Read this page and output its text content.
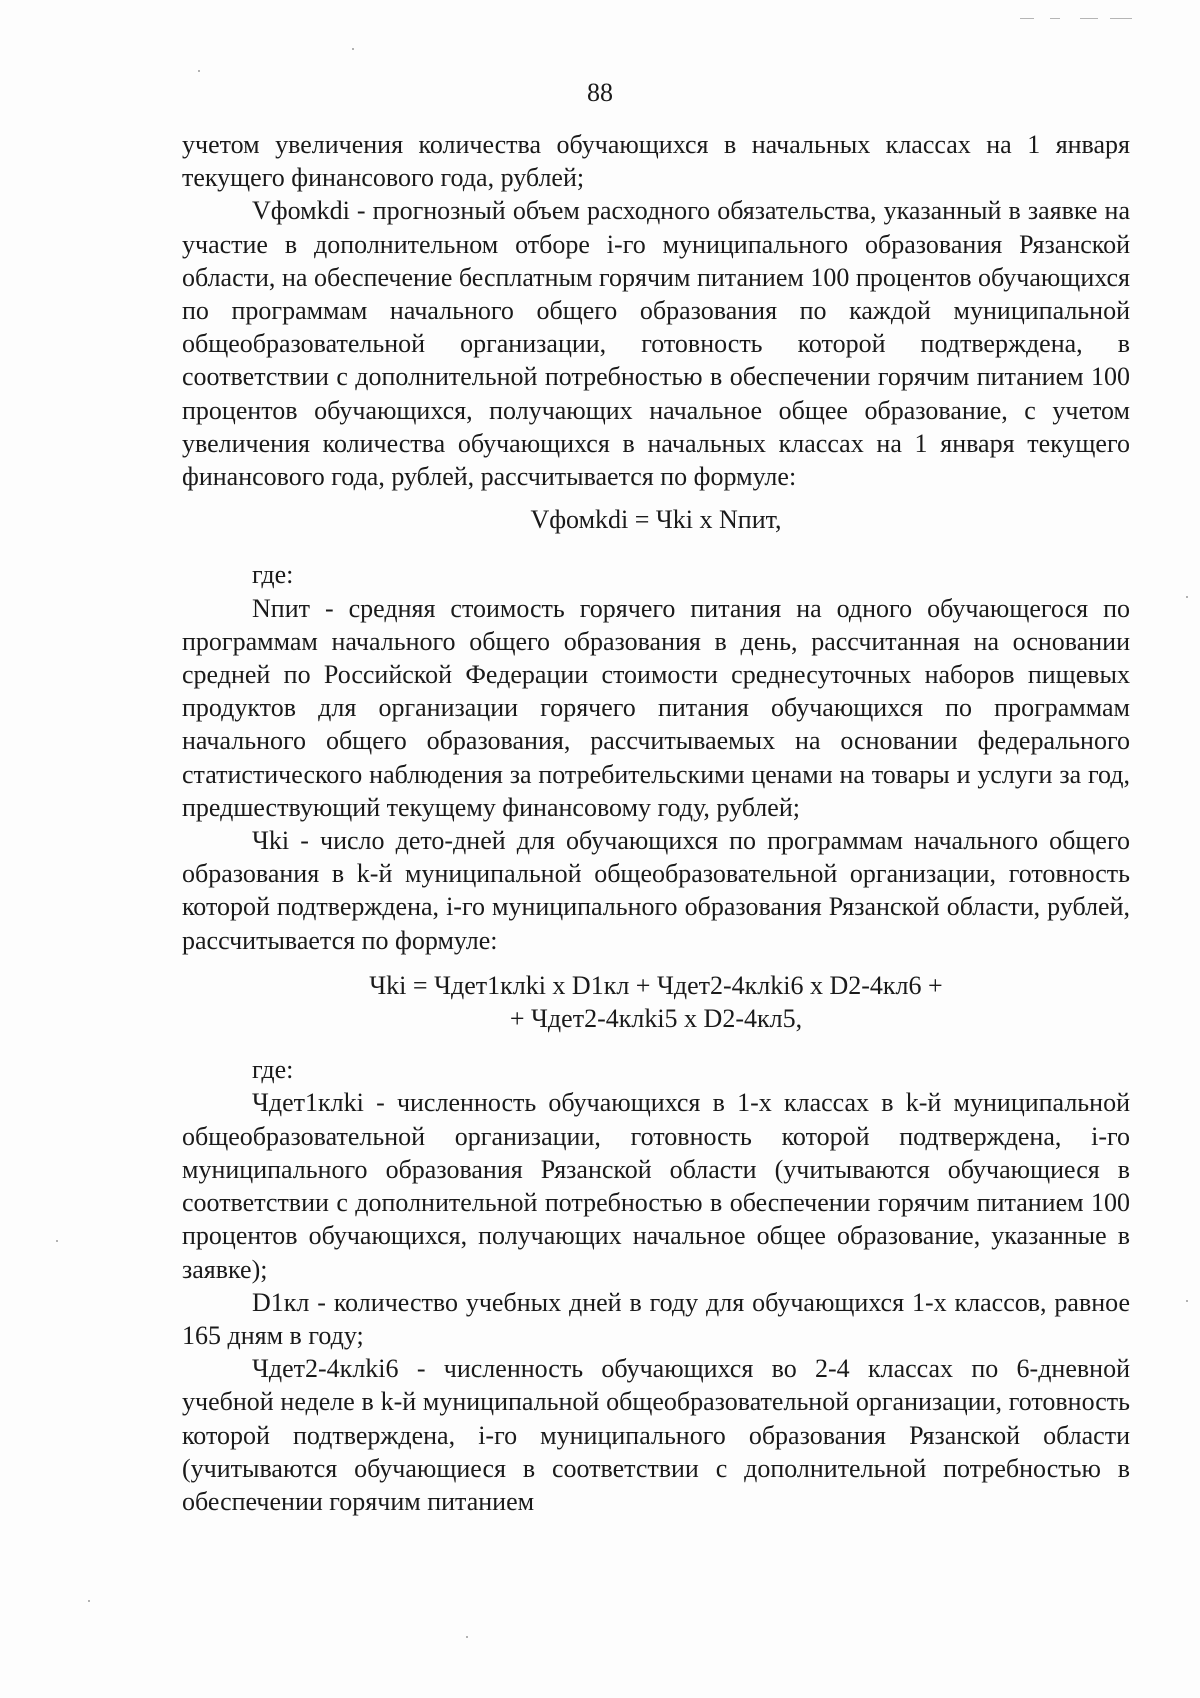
88

учетом увеличения количества обучающихся в начальных классах на 1 января текущего финансового года, рублей;

Vфомkdi - прогнозный объем расходного обязательства, указанный в заявке на участие в дополнительном отборе i-го муниципального образования Рязанской области, на обеспечение бесплатным горячим питанием 100 процентов обучающихся по программам начального общего образования по каждой муниципальной общеобразовательной организации, готовность которой подтверждена, в соответствии с дополнительной потребностью в обеспечении горячим питанием 100 процентов обучающихся, получающих начальное общее образование, с учетом увеличения количества обучающихся в начальных классах на 1 января текущего финансового года, рублей, рассчитывается по формуле:

Vфомkdi = Чki x Nпит,

где:

Nпит - средняя стоимость горячего питания на одного обучающегося по программам начального общего образования в день, рассчитанная на основании средней по Российской Федерации стоимости среднесуточных наборов пищевых продуктов для организации горячего питания обучающихся по программам начального общего образования, рассчитываемых на основании федерального статистического наблюдения за потребительскими ценами на товары и услуги за год, предшествующий текущему финансовому году, рублей;

Чki - число дето-дней для обучающихся по программам начального общего образования в k-й муниципальной общеобразовательной организации, готовность которой подтверждена, i-го муниципального образования Рязанской области, рублей, рассчитывается по формуле:

Чki = Чдет1клki x D1кл + Чдет2-4клki6 x D2-4кл6 +
+ Чдет2-4клki5 x D2-4кл5,

где:

Чдет1клki - численность обучающихся в 1-х классах в k-й муниципальной общеобразовательной организации, готовность которой подтверждена, i-го муниципального образования Рязанской области (учитываются обучающиеся в соответствии с дополнительной потребностью в обеспечении горячим питанием 100 процентов обучающихся, получающих начальное общее образование, указанные в заявке);

D1кл - количество учебных дней в году для обучающихся 1-х классов, равное 165 дням в году;

Чдет2-4клki6 - численность обучающихся во 2-4 классах по 6-дневной учебной неделе в k-й муниципальной общеобразовательной организации, готовность которой подтверждена, i-го муниципального образования Рязанской области (учитываются обучающиеся в соответствии с дополнительной потребностью в обеспечении горячим питанием
